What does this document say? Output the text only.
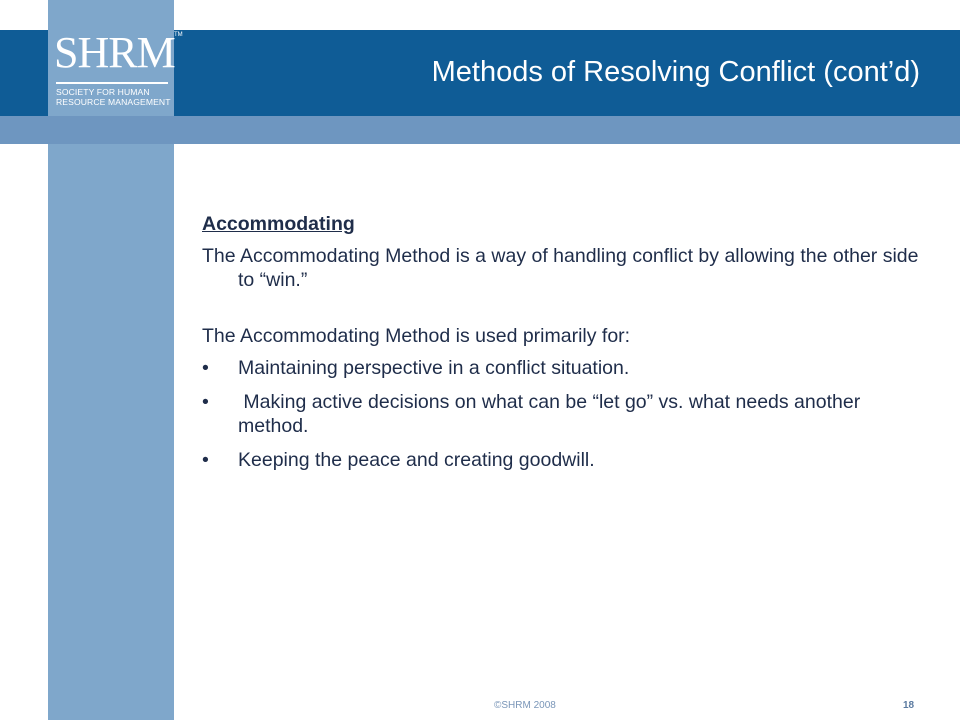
SHRM TM
SOCIETY FOR HUMAN
RESOURCE MANAGEMENT
Methods of Resolving Conflict (cont’d)
Accommodating

The Accommodating Method is a way of handling conflict by allowing the other side to “win.”

The Accommodating Method is used primarily for:

• Maintaining perspective in a conflict situation.
• Making active decisions on what can be “let go” vs. what needs another method.
• Keeping the peace and creating goodwill.
©SHRM 2008	18
